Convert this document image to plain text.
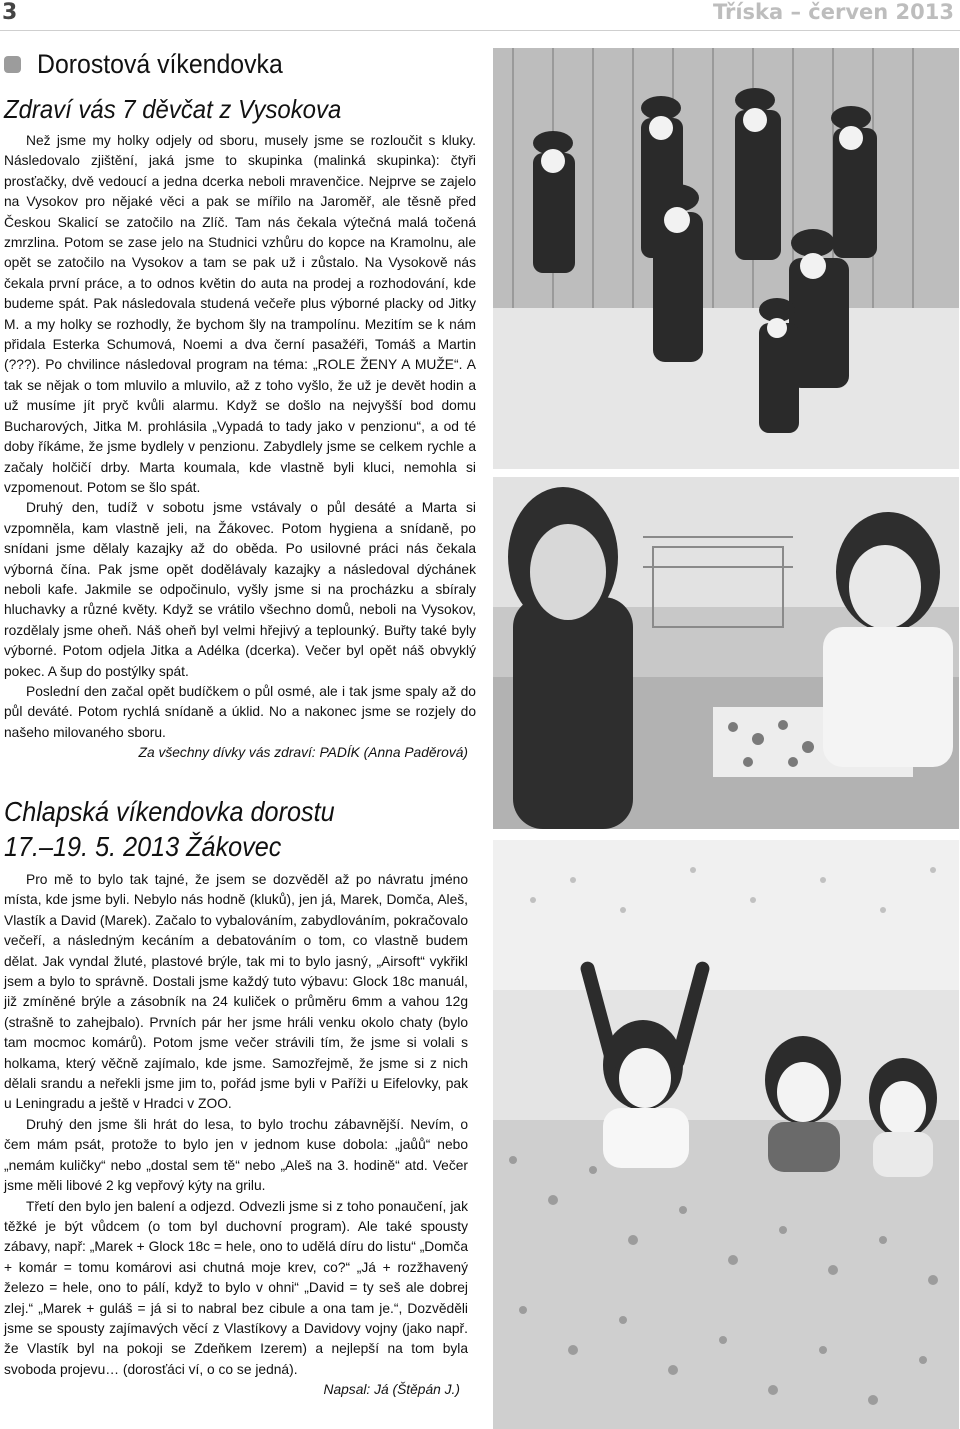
3	Tříska – červen 2013
Dorostová víkendovka
Zdraví vás 7 děvčat z Vysokova

Než jsme my holky odjely od sboru, musely jsme se rozloučit s kluky. Následovalo zjištění, jaká jsme to skupinka (malinká skupinka): čtyři prosťačky, dvě vedoucí a jedna dcerka neboli mravenčice. Nejprve se zajelo na Vysokov pro nějaké věci a pak se mířilo na Jaroměř, ale těsně před Českou Skalicí se zatočilo na Zlíč. Tam nás čekala výtečná malá točená zmrzlina. Potom se zase jelo na Studnici vzhůru do kopce na Kramolnu, ale opět se zatočilo na Vysokov a tam se pak už i zůstalo. Na Vysokově nás čekala první práce, a to odnos květin do auta na prodej a rozhodování, kde budeme spát. Pak následovala studená večeře plus výborné placky od Jitky M. a my holky se rozhodly, že bychom šly na trampolínu. Mezitím se k nám přidala Esterka Schumová, Noemi a dva černí pasažéři, Tomáš a Martin (???). Po chvilince následoval program na téma: „ROLE ŽENY A MUŽE“. A tak se nějak o tom mluvilo a mluvilo, až z toho vyšlo, že už je devět hodin a už musíme jít pryč kvůli alarmu. Když se došlo na nejvyšší bod domu Bucharových, Jitka M. prohlásila „Vypadá to tady jako v penzionu“, a od té doby říkáme, že jsme bydlely v penzionu. Zabydlely jsme se celkem rychle a začaly holčičí drby. Marta koumala, kde vlastně byli kluci, nemohla si vzpomenout. Potom se šlo spát.

Druhý den, tudíž v sobotu jsme vstávaly o půl desáté a Marta si vzpomněla, kam vlastně jeli, na Žákovec. Potom hygiena a snídaně, po snídani jsme dělaly kazajky až do oběda. Po usilovné práci nás čekala výborná čína. Pak jsme opět dodělávaly kazajky a následoval dýchánek neboli kafe. Jakmile se odpočinulo, vyšly jsme si na procházku a sbíraly hluchavky a různé květy. Když se vrátilo všechno domů, neboli na Vysokov, rozdělaly jsme oheň. Náš oheň byl velmi hřejivý a teplounký. Buřty také byly výborné. Potom odjela Jitka a Adélka (dcerka). Večer byl opět náš obvyklý pokec. A šup do postýlky spát.

Poslední den začal opět budíčkem o půl osmé, ale i tak jsme spaly až do půl deváté. Potom rychlá snídaně a úklid. No a nakonec jsme se rozjely do našeho milovaného sboru.

Za všechny dívky vás zdraví: PADÍK (Anna Paděrová)

Chlapská víkendovka dorostu
17.–19. 5. 2013 Žákovec

Pro mě to bylo tak tajné, že jsem se dozvěděl až po návratu jméno místa, kde jsme byli. Nebylo nás hodně (kluků), jen já, Marek, Domča, Aleš, Vlastík a David (Marek). Začalo to vybalováním, zabydlováním, pokračovalo večeří, a následným kecáním a debatováním o tom, co vlastně budem dělat. Jak vyndal žluté, plastové brýle, tak mi to bylo jasný, „Airsoft“ vykřikl jsem a bylo to správně. Dostali jsme každý tuto výbavu: Glock 18c manuál, již zmíněné brýle a zásobník na 24 kuliček o průměru 6mm a vahou 12g (strašně to zahejbalo). Prvních pár her jsme hráli venku okolo chaty (bylo tam mocmoc komárů). Potom jsme večer strávili tím, že jsme si volali s holkama, který věčně zajímalo, kde jsme. Samozřejmě, že jsme si z nich dělali srandu a neřekli jsme jim to, pořád jsme byli v Paříži u Eifelovky, pak u Leningradu a ještě v Hradci v ZOO.

Druhý den jsme šli hrát do lesa, to bylo trochu zábavnější. Nevím, o čem mám psát, protože to bylo jen v jednom kuse dobola: „jaůů“ nebo „nemám kuličky“ nebo „dostal sem tě“ nebo „Aleš na 3. hodině“ atd. Večer jsme měli libové 2 kg vepřový kýty na grilu.

Třetí den bylo jen balení a odjezd. Odvezli jsme si z toho ponaučení, jak těžké je být vůdcem (o tom byl duchovní program). Ale také spousty zábavy, např: „Marek + Glock 18c = hele, ono to udělá díru do listu“ „Domča + komár = tomu komárovi asi chutná moje krev, co?“ „Já + rozžhavený železo = hele, ono to pálí, když to bylo v ohni“ „David = ty seš ale dobrej zlej.“ „Marek + guláš = já si to nabral bez cibule a ona tam je.“, Dozvěděli jsme se spousty zajímavých věcí z Vlastíkovy a Davidovy vojny (jako např. že Vlastík byl na pokoji se Zdeňkem Izerem) a nejlepší na tom byla svoboda projevu… (dorosťáci ví, o co se jedná).

Napsal: Já (Štěpán J.)
